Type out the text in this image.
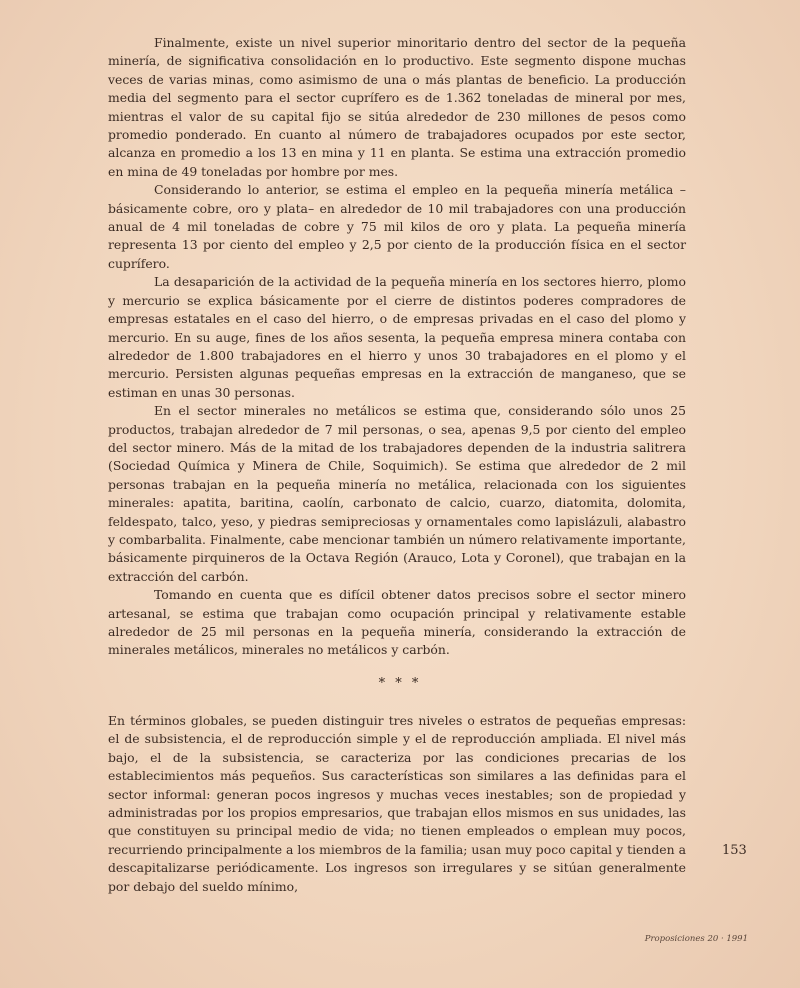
Finalmente, existe un nivel superior minoritario dentro del sector de la pequeña minería, de significativa consolidación en lo productivo. Este segmento dispone muchas veces de varias minas, como asimismo de una o más plantas de beneficio. La producción media del segmento para el sector cuprífero es de 1.362 toneladas de mineral por mes, mientras el valor de su capital fijo se sitúa alrededor de 230 millones de pesos como promedio ponderado. En cuanto al número de trabajadores ocupados por este sector, alcanza en promedio a los 13 en mina y 11 en planta. Se estima una extracción promedio en mina de 49 toneladas por hombre por mes.

Considerando lo anterior, se estima el empleo en la pequeña minería metálica –básicamente cobre, oro y plata– en alrededor de 10 mil trabajadores con una producción anual de 4 mil toneladas de cobre y 75 mil kilos de oro y plata. La pequeña minería representa 13 por ciento del empleo y 2,5 por ciento de la producción física en el sector cuprífero.

La desaparición de la actividad de la pequeña minería en los sectores hierro, plomo y mercurio se explica básicamente por el cierre de distintos poderes compradores de empresas estatales en el caso del hierro, o de empresas privadas en el caso del plomo y mercurio. En su auge, fines de los años sesenta, la pequeña empresa minera contaba con alrededor de 1.800 trabajadores en el hierro y unos 30 trabajadores en el plomo y el mercurio. Persisten algunas pequeñas empresas en la extracción de manganeso, que se estiman en unas 30 personas.

En el sector minerales no metálicos se estima que, considerando sólo unos 25 productos, trabajan alrededor de 7 mil personas, o sea, apenas 9,5 por ciento del empleo del sector minero. Más de la mitad de los trabajadores dependen de la industria salitrera (Sociedad Química y Minera de Chile, Soquimich). Se estima que alrededor de 2 mil personas trabajan en la pequeña minería no metálica, relacionada con los siguientes minerales: apatita, baritina, caolín, carbonato de calcio, cuarzo, diatomita, dolomita, feldespato, talco, yeso, y piedras semipreciosas y ornamentales como lapislázuli, alabastro y combarbalita. Finalmente, cabe mencionar también un número relativamente importante, básicamente pirquineros de la Octava Región (Arauco, Lota y Coronel), que trabajan en la extracción del carbón.

Tomando en cuenta que es difícil obtener datos precisos sobre el sector minero artesanal, se estima que trabajan como ocupación principal y relativamente estable alrededor de 25 mil personas en la pequeña minería, considerando la extracción de minerales metálicos, minerales no metálicos y carbón.

* * *

En términos globales, se pueden distinguir tres niveles o estratos de pequeñas empresas: el de subsistencia, el de reproducción simple y el de reproducción ampliada. El nivel más bajo, el de la subsistencia, se caracteriza por las condiciones precarias de los establecimientos más pequeños. Sus características son similares a las definidas para el sector informal: generan pocos ingresos y muchas veces inestables; son de propiedad y administradas por los propios empresarios, que trabajan ellos mismos en sus unidades, las que constituyen su principal medio de vida; no tienen empleados o emplean muy pocos, recurriendo principalmente a los miembros de la familia; usan muy poco capital y tienden a descapitalizarse periódicamente. Los ingresos son irregulares y se sitúan generalmente por debajo del sueldo mínimo,

153
Proposiciones 20 · 1991
